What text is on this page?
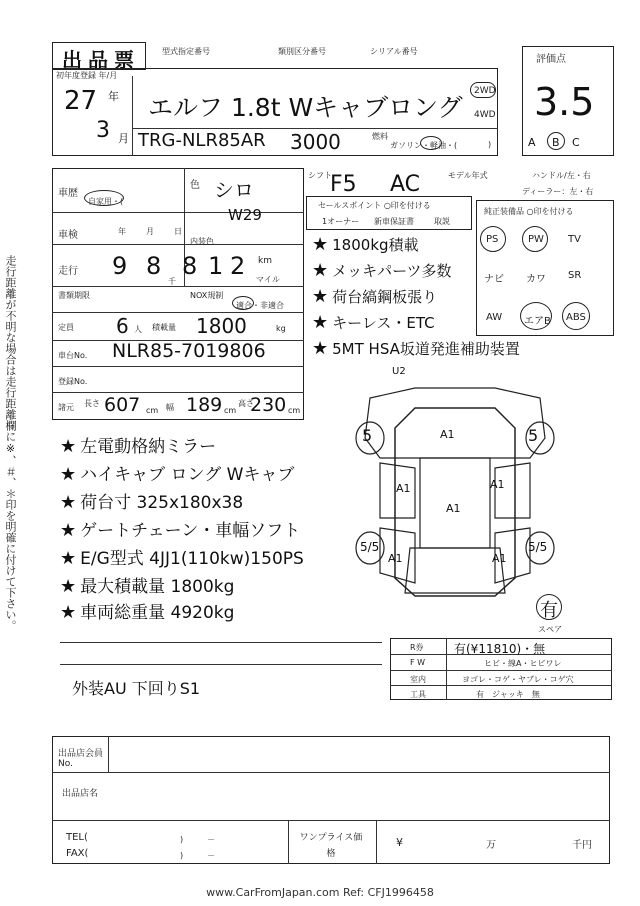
出品票	型式指定番号	類別区分番号	シリアル番号
評価点
3.5
A B C
初年度登録 年/月
27 年
3 月
エルフ 1.8t Wキャブロング
2WD
4WD
TRG-NLR85AR 3000	燃料
ガソリン・軽油・(	)
車歴
自家用・(
色 シロ
W29
内装色
車検	年	月	日
走行 9 8 8 1 2
千
km
マイル
書類期限	NOX規制
適合・非適合
定員 6 人 積載量 1800	kg
車台No. NLR85-7019806
登録No.
諸元 長さ 607 cm 幅 189 cm
高さ
230 cm
シフト
F5 AC	モデル年式
セールスポイント ○印を付ける
1オーナー 新車保証書	取説
★ 1800kg積載
★ メッキパーツ多数
★ 荷台縞鋼板張り
★ キーレス・ETC
★ 5MT HSA坂道発進補助装置
ハンドル/左・右
ディーラー：左・右
純正装備品 ○印を付ける
PS	PW TV
ナビ カワ SR
AW エアB ABS
U2
A1
A1	A1
A1
A1	A1
5	5
5/5	5/5
有
スペア
★ 左電動格納ミラー
★ ハイキャブ ロング Wキャブ
★ 荷台寸 325x180x38
★ ゲートチェーン・車幅ソフト
★ E/G型式 4JJ1(110kw)150PS
★ 最大積載量 1800kg
★ 車両総重量 4920kg
外装AU 下回りS1
走行距離が不明な場合は走行距離欄に※、＃、＊印を明確に付けて下さい。
R券	有(¥11810)・無
F W	ヒビ・線A・ヒビワレ
室内	ヨゴレ・コゲ・ヤブレ・コゲ穴
工具	有　ジャッキ　無
出品店会員No.
出品店名
TEL(
FAX(
)　　　－
)　　　－
ワンプライス価格
¥	万	千円
www.CarFromJapan.com Ref: CFJ1996458
